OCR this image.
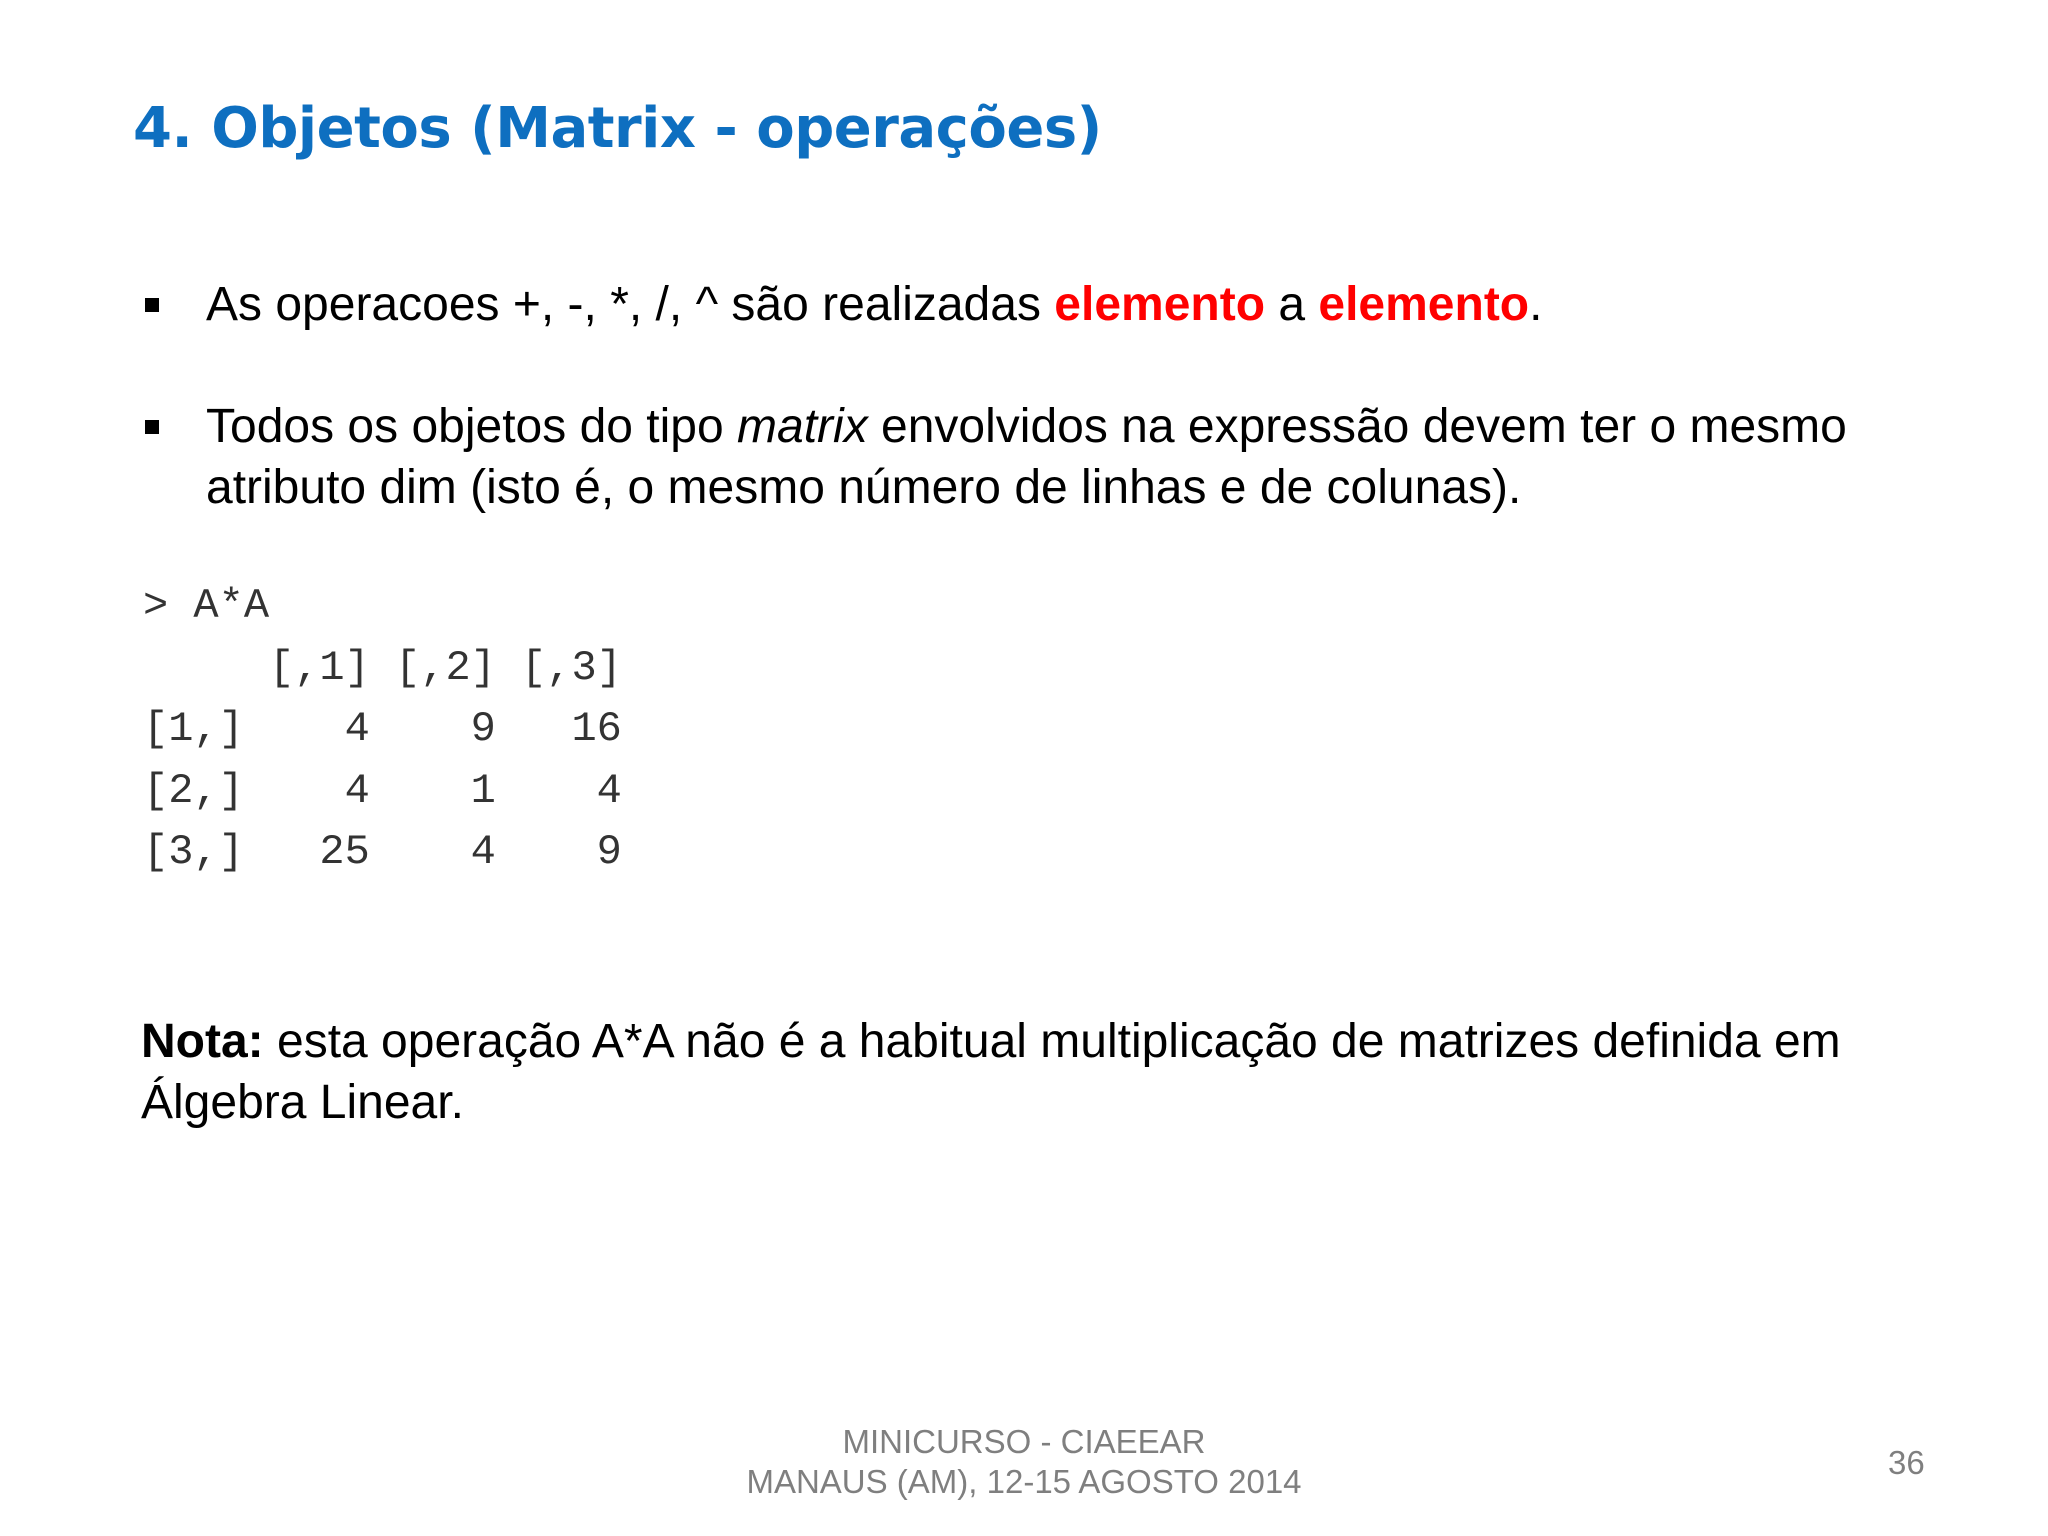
4. Objetos (Matrix - operações)
As operacoes +, -, *, /, ^ são realizadas elemento a elemento.
Todos os objetos do tipo matrix envolvidos na expressão devem ter o mesmo
atributo dim (isto é, o mesmo número de linhas e de colunas).
> A*A
[,1] [,2] [,3]
[1,]    4    9   16
[2,]    4    1    4
[3,]   25    4    9
Nota: esta operação A*A não é a habitual multiplicação de matrizes definida em
Álgebra Linear.
MINICURSO - CIAEEAR
MANAUS (AM), 12-15 AGOSTO 2014
36
